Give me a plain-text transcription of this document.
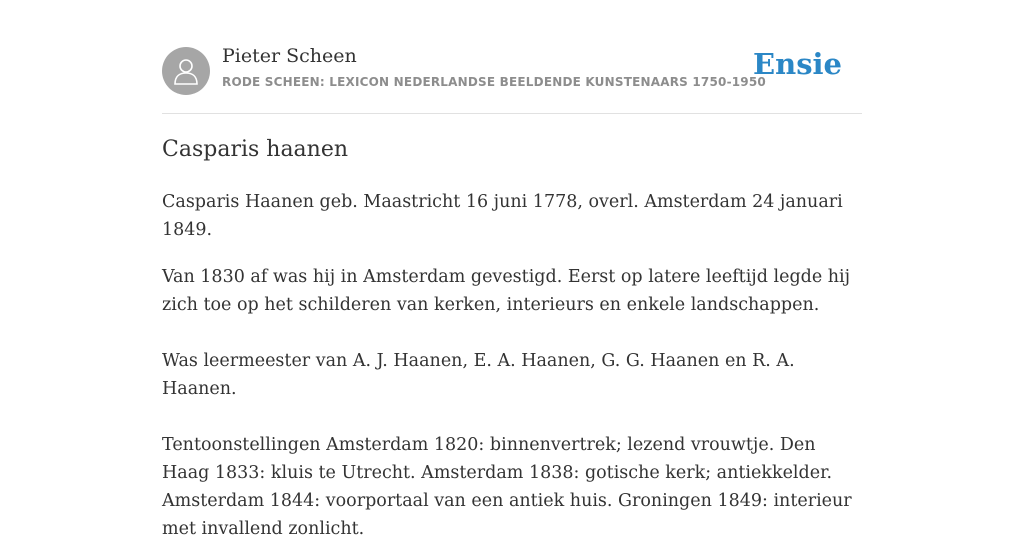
Pieter Scheen
RODE SCHEEN: LEXICON NEDERLANDSE BEELDENDE KUNSTENAARS 1750-1950
Ensie
Casparis haanen

Casparis Haanen geb. Maastricht 16 juni 1778, overl. Amsterdam 24 januari 1849.

Van 1830 af was hij in Amsterdam gevestigd. Eerst op latere leeftijd legde hij zich toe op het schilderen van kerken, interieurs en enkele landschappen.

Was leermeester van A. J. Haanen, E. A. Haanen, G. G. Haanen en R. A. Haanen.

Tentoonstellingen Amsterdam 1820: binnenvertrek; lezend vrouwtje. Den Haag 1833: kluis te Utrecht. Amsterdam 1838: gotische kerk; antiekkelder. Amsterdam 1844: voorportaal van een antiek huis. Groningen 1849: interieur met invallend zonlicht.
